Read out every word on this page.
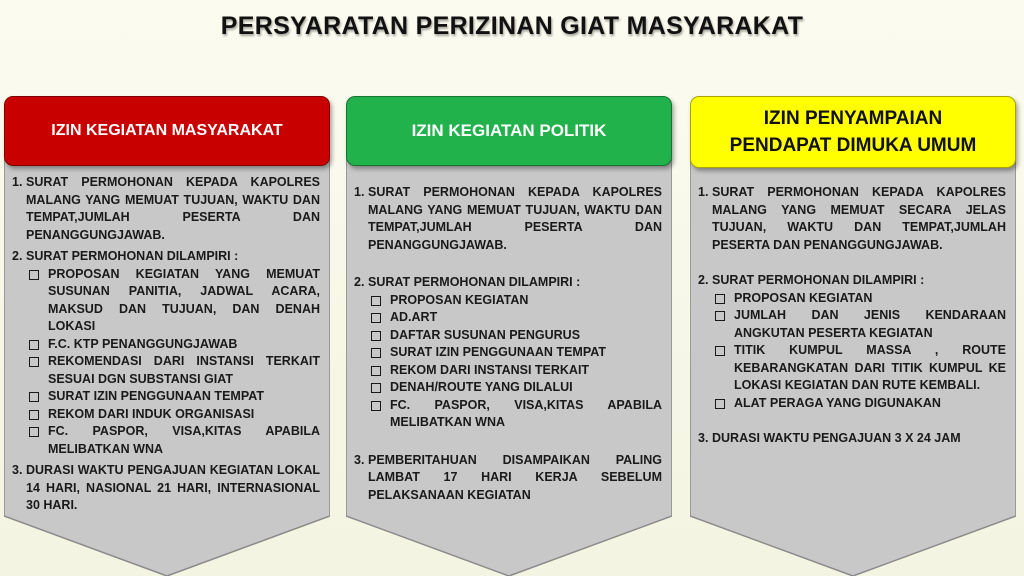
PERSYARATAN PERIZINAN GIAT MASYARAKAT
IZIN KEGIATAN MASYARAKAT
1. SURAT PERMOHONAN KEPADA KAPOLRES MALANG YANG MEMUAT TUJUAN, WAKTU DAN TEMPAT,JUMLAH PESERTA DAN PENANGGUNGJAWAB.
2. SURAT PERMOHONAN DILAMPIRI :
PROPOSAN KEGIATAN YANG MEMUAT SUSUNAN PANITIA, JADWAL ACARA, MAKSUD DAN TUJUAN, DAN DENAH LOKASI
F.C. KTP PENANGGUNGJAWAB
REKOMENDASI DARI INSTANSI TERKAIT SESUAI DGN SUBSTANSI GIAT
SURAT IZIN PENGGUNAAN TEMPAT
REKOM DARI INDUK ORGANISASI
FC. PASPOR, VISA,KITAS APABILA MELIBATKAN WNA
3. DURASI WAKTU PENGAJUAN KEGIATAN LOKAL 14 HARI, NASIONAL 21 HARI, INTERNASIONAL 30 HARI.
IZIN KEGIATAN POLITIK
1. SURAT PERMOHONAN KEPADA KAPOLRES MALANG YANG MEMUAT TUJUAN, WAKTU DAN TEMPAT,JUMLAH PESERTA DAN PENANGGUNGJAWAB.
2. SURAT PERMOHONAN DILAMPIRI :
PROPOSAN KEGIATAN
AD.ART
DAFTAR SUSUNAN PENGURUS
SURAT IZIN PENGGUNAAN TEMPAT
REKOM DARI INSTANSI TERKAIT
DENAH/ROUTE YANG DILALUI
FC. PASPOR, VISA,KITAS APABILA MELIBATKAN WNA
3. PEMBERITAHUAN DISAMPAIKAN PALING LAMBAT 17 HARI KERJA SEBELUM PELAKSANAAN KEGIATAN
IZIN PENYAMPAIAN
PENDAPAT DIMUKA UMUM
1. SURAT PERMOHONAN KEPADA KAPOLRES MALANG YANG MEMUAT SECARA JELAS TUJUAN, WAKTU DAN TEMPAT,JUMLAH PESERTA DAN PENANGGUNGJAWAB.
2. SURAT PERMOHONAN DILAMPIRI :
PROPOSAN KEGIATAN
JUMLAH DAN JENIS KENDARAAN ANGKUTAN PESERTA KEGIATAN
TITIK KUMPUL MASSA , ROUTE KEBARANGKATAN DARI TITIK KUMPUL KE LOKASI KEGIATAN DAN RUTE KEMBALI.
ALAT PERAGA YANG DIGUNAKAN
3. DURASI WAKTU PENGAJUAN 3 X 24 JAM
